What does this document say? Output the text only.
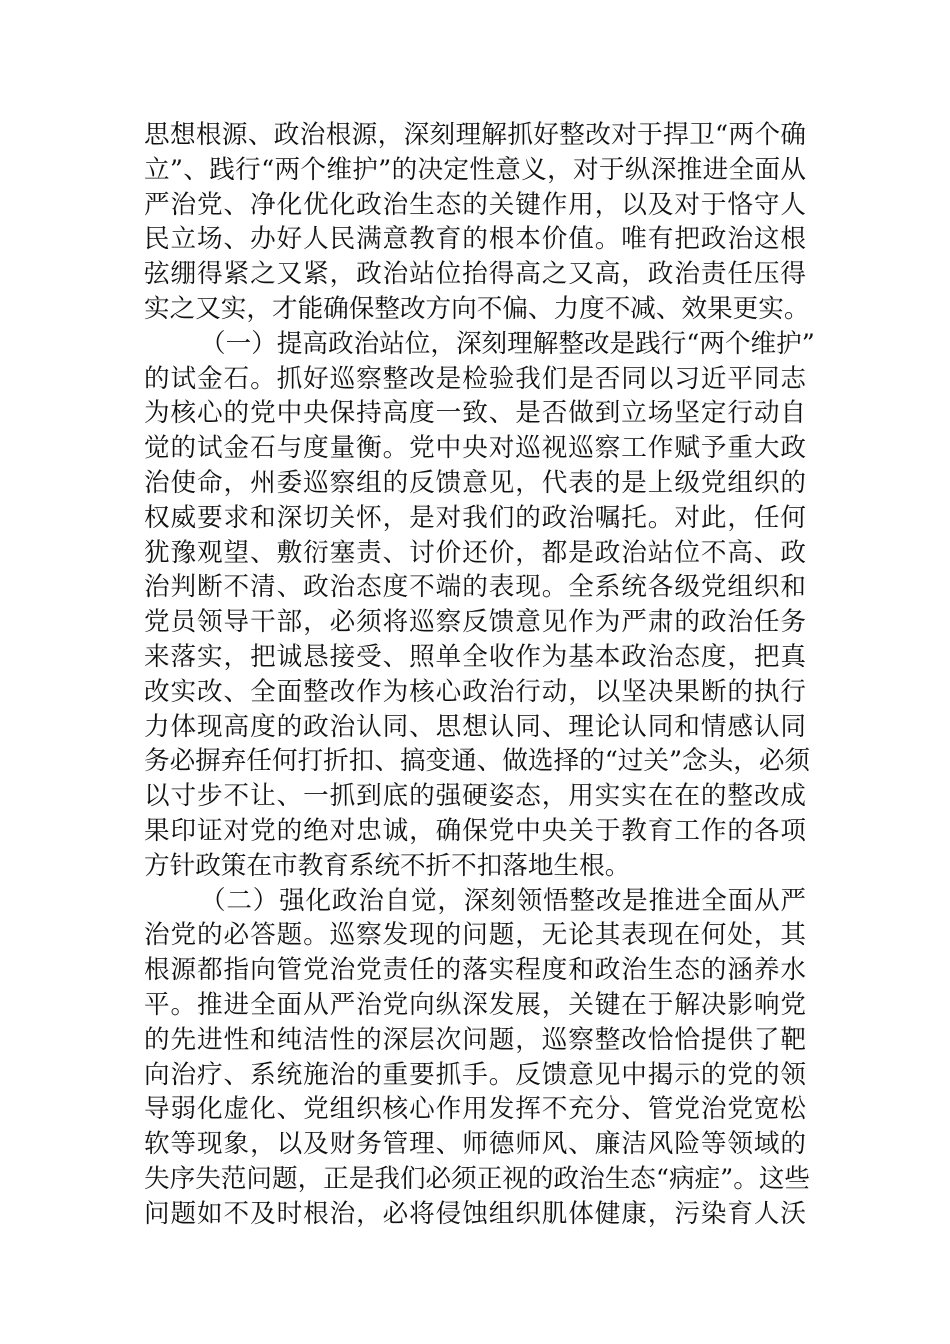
思想根源、政治根源，深刻理解抓好整改对于捍卫“两个确
立”、践行“两个维护”的决定性意义，对于纵深推进全面从
严治党、净化优化政治生态的关键作用，以及对于恪守人
民立场、办好人民满意教育的根本价值。唯有把政治这根
弦绷得紧之又紧，政治站位抬得高之又高，政治责任压得
实之又实，才能确保整改方向不偏、力度不减、效果更实。
（一）提高政治站位，深刻理解整改是践行“两个维护”
的试金石。抓好巡察整改是检验我们是否同以习近平同志
为核心的党中央保持高度一致、是否做到立场坚定行动自
觉的试金石与度量衡。党中央对巡视巡察工作赋予重大政
治使命，州委巡察组的反馈意见，代表的是上级党组织的
权威要求和深切关怀，是对我们的政治嘱托。对此，任何
犹豫观望、敷衍塞责、讨价还价，都是政治站位不高、政
治判断不清、政治态度不端的表现。全系统各级党组织和
党员领导干部，必须将巡察反馈意见作为严肃的政治任务
来落实，把诚恳接受、照单全收作为基本政治态度，把真
改实改、全面整改作为核心政治行动，以坚决果断的执行
力体现高度的政治认同、思想认同、理论认同和情感认同
务必摒弃任何打折扣、搞变通、做选择的“过关”念头，必须
以寸步不让、一抓到底的强硬姿态，用实实在在的整改成
果印证对党的绝对忠诚，确保党中央关于教育工作的各项
方针政策在市教育系统不折不扣落地生根。
（二）强化政治自觉，深刻领悟整改是推进全面从严
治党的必答题。巡察发现的问题，无论其表现在何处，其
根源都指向管党治党责任的落实程度和政治生态的涵养水
平。推进全面从严治党向纵深发展，关键在于解决影响党
的先进性和纯洁性的深层次问题，巡察整改恰恰提供了靶
向治疗、系统施治的重要抓手。反馈意见中揭示的党的领
导弱化虚化、党组织核心作用发挥不充分、管党治党宽松
软等现象，以及财务管理、师德师风、廉洁风险等领域的
失序失范问题，正是我们必须正视的政治生态“病症”。这些
问题如不及时根治，必将侵蚀组织肌体健康，污染育人沃
